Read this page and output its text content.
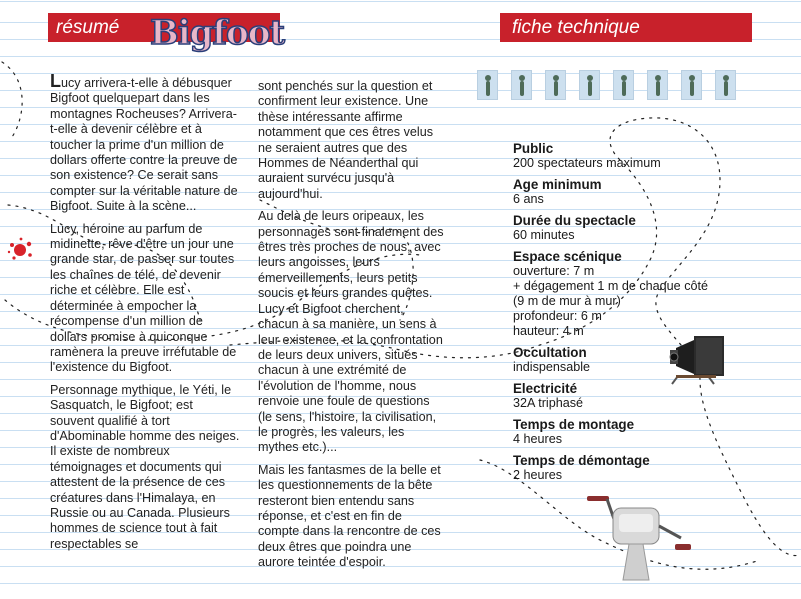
résumé Bigfoot	fiche technique

Lucy arrivera-t-elle à débusquer Bigfoot quelquepart dans les montagnes Rocheuses? Arrivera-t-elle à devenir célèbre et à toucher la prime d'un million de dollars offerte contre la preuve de son existence? Ce serait sans compter sur la véritable nature de Bigfoot. Suite à la scène...

Lucy, héroine au parfum de midinette, rêve d'être un jour une grande star, de passer sur toutes les chaînes de télé, de devenir riche et célèbre. Elle est déterminée à empocher la récompense d'un million de dollars promise à quiconque ramènera la preuve irréfutable de l'existence du Bigfoot.

Personnage mythique, le Yéti, le Sasquatch, le Bigfoot; est souvent qualifié à tort d'Abominable homme des neiges. Il existe de nombreux témoignages et documents qui attestent de la présence de ces créatures dans l'Himalaya, en Russie ou au Canada. Plusieurs hommes de science tout à fait respectables se

sont penchés sur la question et confirment leur existence. Une thèse intéressante affirme notamment que ces êtres velus ne seraient autres que des Hommes de Néanderthal qui auraient survécu jusqu'à aujourd'hui.

Au delà de leurs oripeaux, les personnages sont finalement des êtres très proches de nous, avec leurs angoisses, leurs émerveillements, leurs petits soucis et leurs grandes quêtes. Lucy et Bigfoot cherchent, chacun à sa manière, un sens à leur existence, et la confrontation de leurs deux univers, situés chacun à une extrémité de l'évolution de l'homme, nous renvoie une foule de questions (le sens, l'histoire, la civilisation, le progrès, les valeurs, les mythes etc.)...

Mais les fantasmes de la belle et les questionnements de la bête resteront bien entendu sans réponse, et c'est en fin de compte dans la rencontre de ces deux êtres que poindra une aurore teintée d'espoir.

Public
200 spectateurs maximum
Age minimum
6 ans
Durée du spectacle
60 minutes
Espace scénique
ouverture: 7 m
+ dégagement 1 m de chaque côté
(9 m de mur à mur)
profondeur: 6 m
hauteur: 4 m
Occultation
indispensable
Electricité
32A triphasé
Temps de montage
4 heures
Temps de démontage
2 heures
